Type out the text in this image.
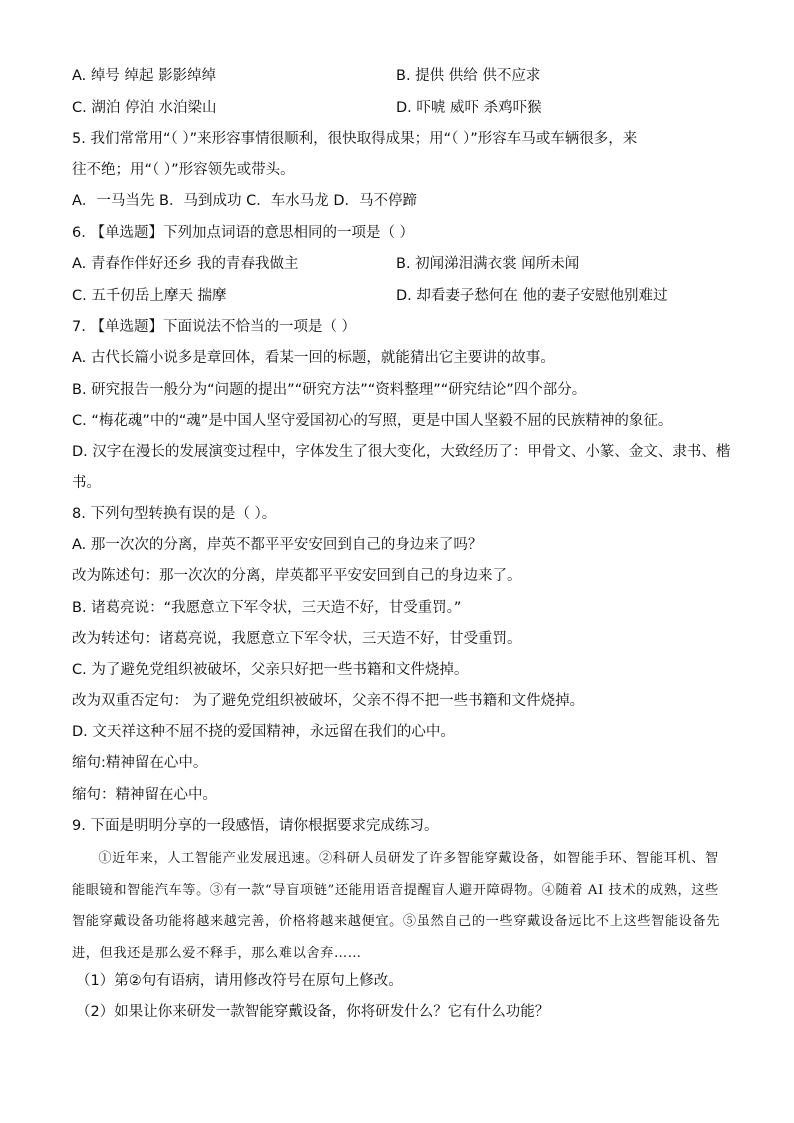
A. 绰号 绰起 影影绰绰	B. 提供 供给 供不应求
C. 湖泊 停泊 水泊梁山	D. 吓唬 威吓 杀鸡吓猴
5. 我们常常用“（ ）”来形容事情很顺利，很快取得成果；用“（ ）”形容车马或车辆很多，来
往不绝；用“（ ）”形容领先或带头。
A．一马当先 B．马到成功 C．车水马龙 D．马不停蹄
6. 【单选题】下列加点词语的意思相同的一项是（ ）
A. 青春作伴好还乡 我的青春我做主	B. 初闻涕泪满衣裳 闻所未闻
C. 五千仞岳上摩天 揣摩	D. 却看妻子愁何在 他的妻子安慰他别难过
7. 【单选题】下面说法不恰当的一项是（ ）
A. 古代长篇小说多是章回体，看某一回的标题，就能猜出它主要讲的故事。
B. 研究报告一般分为“问题的提出”“研究方法”“资料整理”“研究结论”四个部分。
C. “梅花魂”中的“魂”是中国人坚守爱国初心的写照，更是中国人坚毅不屈的民族精神的象征。
D. 汉字在漫长的发展演变过程中，字体发生了很大变化，大致经历了：甲骨文、小篆、金文、隶书、楷
书。
8. 下列句型转换有误的是（ ）。
A. 那一次次的分离，岸英不都平平安安回到自己的身边来了吗？
改为陈述句：那一次次的分离，岸英都平平安安回到自己的身边来了。
B. 诸葛亮说：“我愿意立下军令状，三天造不好，甘受重罚。”
改为转述句：诸葛亮说，我愿意立下军令状，三天造不好，甘受重罚。
C. 为了避免党组织被破坏，父亲只好把一些书籍和文件烧掉。
改为双重否定句： 为了避免党组织被破坏，父亲不得不把一些书籍和文件烧掉。
D. 文天祥这种不屈不挠的爱国精神，永远留在我们的心中。
缩句:精神留在心中。
缩句：精神留在心中。
9. 下面是明明分享的一段感悟，请你根据要求完成练习。
①近年来，人工智能产业发展迅速。②科研人员研发了许多智能穿戴设备，如智能手环、智能耳机、智能眼镜和智能汽车等。③有一款“导盲项链”还能用语音提醒盲人避开障碍物。④随着 AI 技术的成熟，这些智能穿戴设备功能将越来越完善，价格将越来越便宜。⑤虽然自己的一些穿戴设备远比不上这些智能设备先进，但我还是那么爱不释手，那么难以舍弃……
（1）第②句有语病，请用修改符号在原句上修改。
（2）如果让你来研发一款智能穿戴设备，你将研发什么？它有什么功能？
